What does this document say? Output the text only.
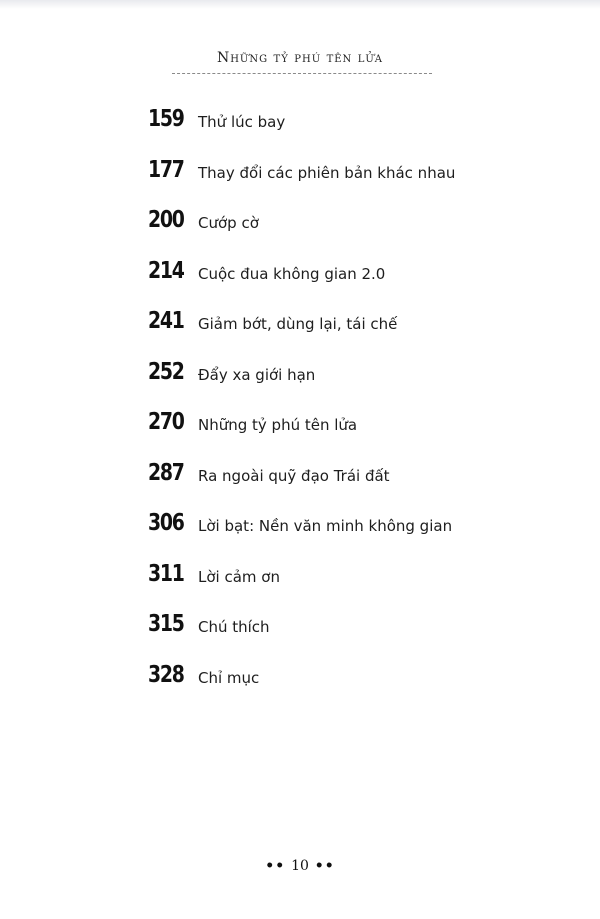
Những tỷ phú tên lửa
159 Thử lúc bay
177 Thay đổi các phiên bản khác nhau
200 Cướp cờ
214 Cuộc đua không gian 2.0
241 Giảm bớt, dùng lại, tái chế
252 Đẩy xa giới hạn
270 Những tỷ phú tên lửa
287 Ra ngoài quỹ đạo Trái đất
306 Lời bạt: Nền văn minh không gian
311 Lời cảm ơn
315 Chú thích
328 Chỉ mục
•• 10 ••
